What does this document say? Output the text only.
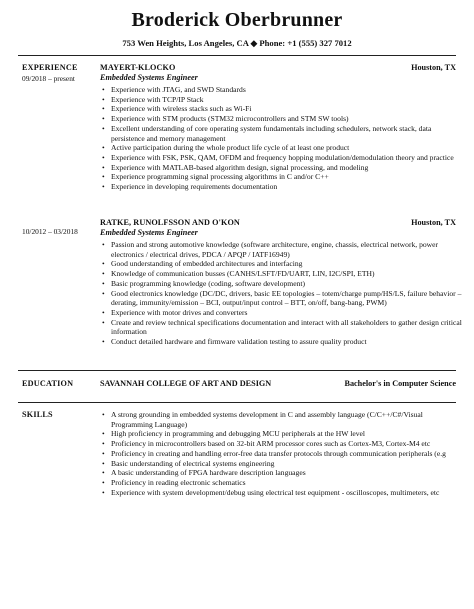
Broderick Oberbrunner
753 Wen Heights, Los Angeles, CA ◆ Phone: +1 (555) 327 7012
EXPERIENCE
09/2018 – present
MAYERT-KLOCKO	Houston, TX
Embedded Systems Engineer
• Experience with JTAG, and SWD Standards
• Experience with TCP/IP Stack
• Experience with wireless stacks such as Wi-Fi
• Experience with STM products (STM32 microcontrollers and STM SW tools)
• Excellent understanding of core operating system fundamentals including schedulers, network stack, data persistence and memory management
• Active participation during the whole product life cycle of at least one product
• Experience with FSK, PSK, QAM, OFDM and frequency hopping modulation/demodulation theory and practice
• Experience with MATLAB-based algorithm design, signal processing, and modeling
• Experience programming signal processing algorithms in C and/or C++
• Experience in developing requirements documentation
10/2012 – 03/2018
RATKE, RUNOLFSSON AND O'KON	Houston, TX
Embedded Systems Engineer
• Passion and strong automotive knowledge (software architecture, engine, chassis, electrical network, power electronics / electrical drives, PDCA / APQP / IATF16949)
• Good understanding of embedded architectures and interfacing
• Knowledge of communication busses (CANHS/LSFT/FD/UART, LIN, I2C/SPI, ETH)
• Basic programming knowledge (coding, software development)
• Good electronics knowledge (DC/DC, drivers, basic EE topologies – totem/charge pump/HS/LS, failure behavior – derating, immunity/emission – BCI, output/input control – BTT, on/off, bang-bang, PWM)
• Experience with motor drives and converters
• Create and review technical specifications documentation and interact with all stakeholders to gather design critical information
• Conduct detailed hardware and firmware validation testing to assure quality product
EDUCATION	SAVANNAH COLLEGE OF ART AND DESIGN	Bachelor's in Computer Science
SKILLS
•	A strong grounding in embedded systems development in C and assembly language (C/C++/C#/Visual Programming Language)
• High proficiency in programming and debugging MCU peripherals at the HW level
• Proficiency in microcontrollers based on 32-bit ARM processor cores such as Cortex-M3, Cortex-M4 etc
• Proficiency in creating and handling error-free data transfer protocols through communication peripherals (e.g
• Basic understanding of electrical systems engineering
• A basic understanding of FPGA hardware description languages
• Proficiency in reading electronic schematics
• Experience with system development/debug using electrical test equipment - oscilloscopes, multimeters, etc
